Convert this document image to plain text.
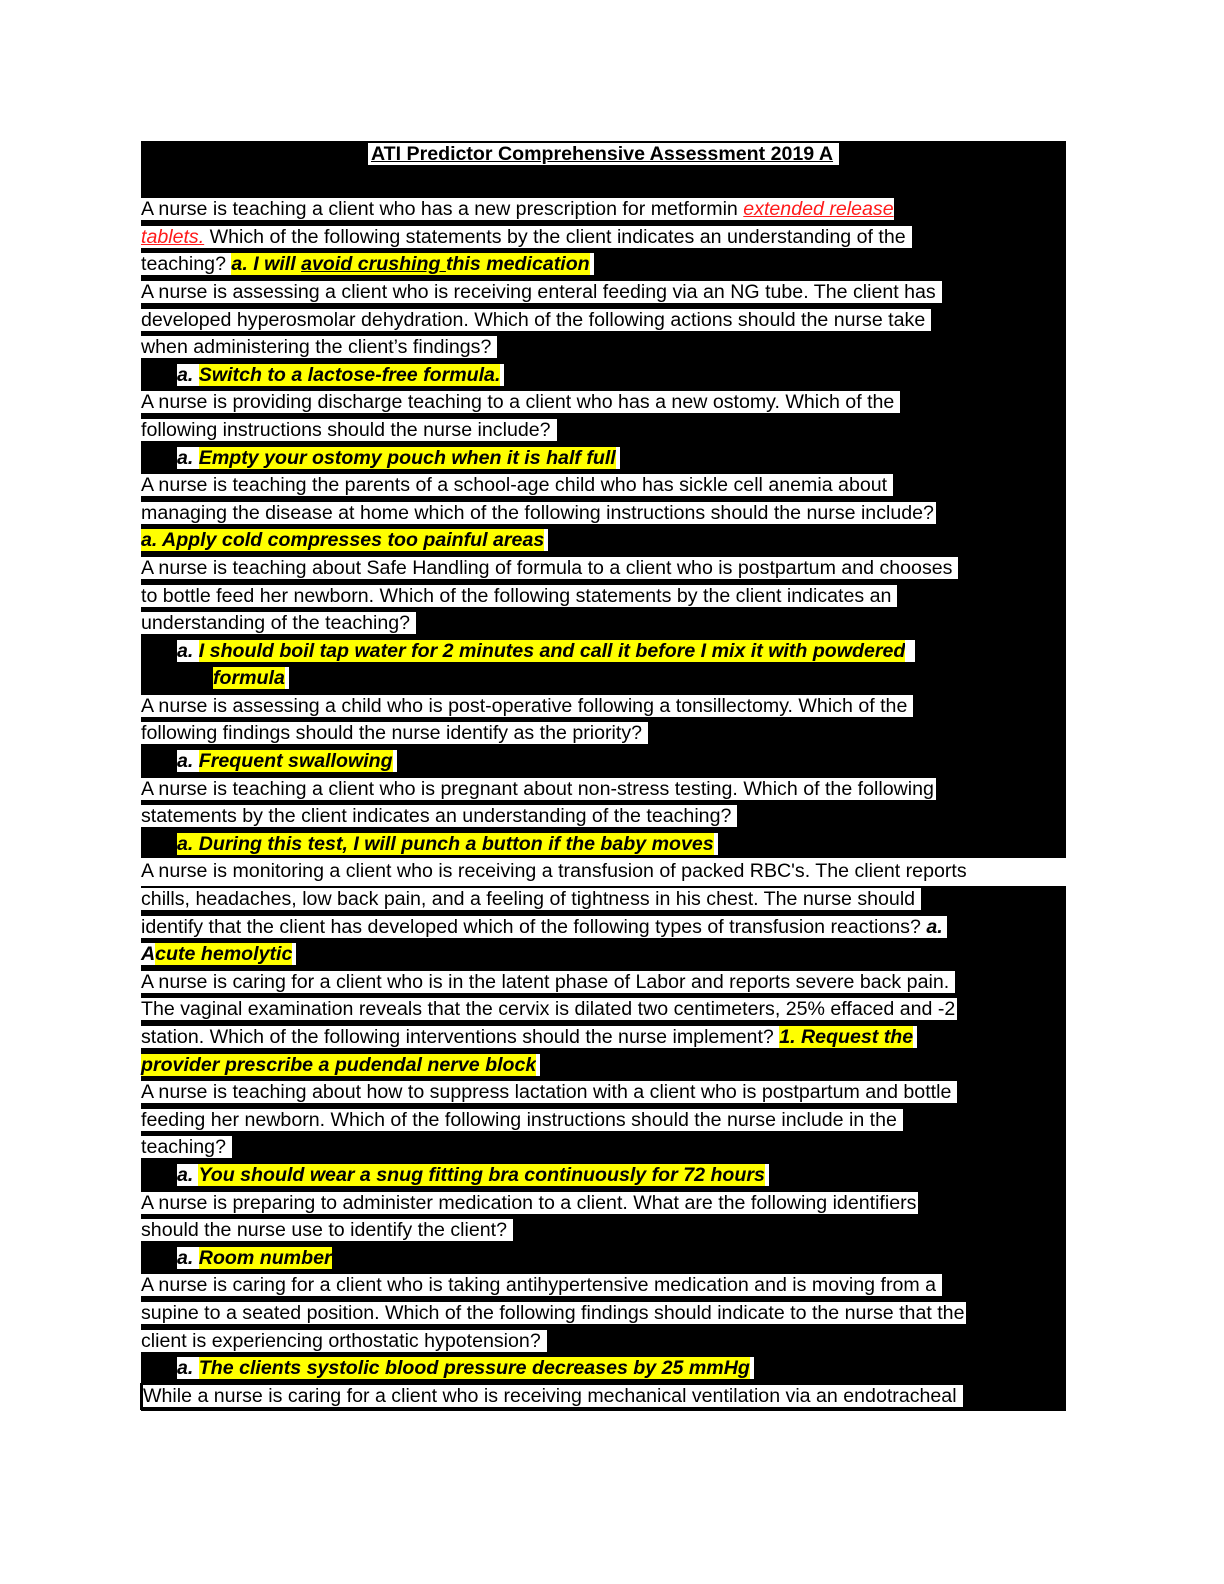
ATI Predictor Comprehensive Assessment 2019 A
A nurse is teaching a client who has a new prescription for metformin extended release
tablets. Which of the following statements by the client indicates an understanding of the
teaching? a. I will avoid crushing this medication
A nurse is assessing a client who is receiving enteral feeding via an NG tube. The client has
developed hyperosmolar dehydration. Which of the following actions should the nurse take
when administering the client’s findings?
a. Switch to a lactose-free formula.
A nurse is providing discharge teaching to a client who has a new ostomy. Which of the
following instructions should the nurse include?
a. Empty your ostomy pouch when it is half full
A nurse is teaching the parents of a school-age child who has sickle cell anemia about
managing the disease at home which of the following instructions should the nurse include?
a. Apply cold compresses too painful areas
A nurse is teaching about Safe Handling of formula to a client who is postpartum and chooses
to bottle feed her newborn. Which of the following statements by the client indicates an
understanding of the teaching?
a. I should boil tap water for 2 minutes and call it before I mix it with powdered
formula
A nurse is assessing a child who is post-operative following a tonsillectomy. Which of the
following findings should the nurse identify as the priority?
a. Frequent swallowing
A nurse is teaching a client who is pregnant about non-stress testing. Which of the following
statements by the client indicates an understanding of the teaching?
a. During this test, I will punch a button if the baby moves
A nurse is monitoring a client who is receiving a transfusion of packed RBC's. The client reports
chills, headaches, low back pain, and a feeling of tightness in his chest. The nurse should
identify that the client has developed which of the following types of transfusion reactions? a.
Acute hemolytic
A nurse is caring for a client who is in the latent phase of Labor and reports severe back pain.
The vaginal examination reveals that the cervix is dilated two centimeters, 25% effaced and -2
station. Which of the following interventions should the nurse implement? 1. Request the
provider prescribe a pudendal nerve block
A nurse is teaching about how to suppress lactation with a client who is postpartum and bottle
feeding her newborn. Which of the following instructions should the nurse include in the
teaching?
a. You should wear a snug fitting bra continuously for 72 hours
A nurse is preparing to administer medication to a client. What are the following identifiers
should the nurse use to identify the client?
a. Room number
A nurse is caring for a client who is taking antihypertensive medication and is moving from a
supine to a seated position. Which of the following findings should indicate to the nurse that the
client is experiencing orthostatic hypotension?
a. The clients systolic blood pressure decreases by 25 mmHg
While a nurse is caring for a client who is receiving mechanical ventilation via an endotracheal
